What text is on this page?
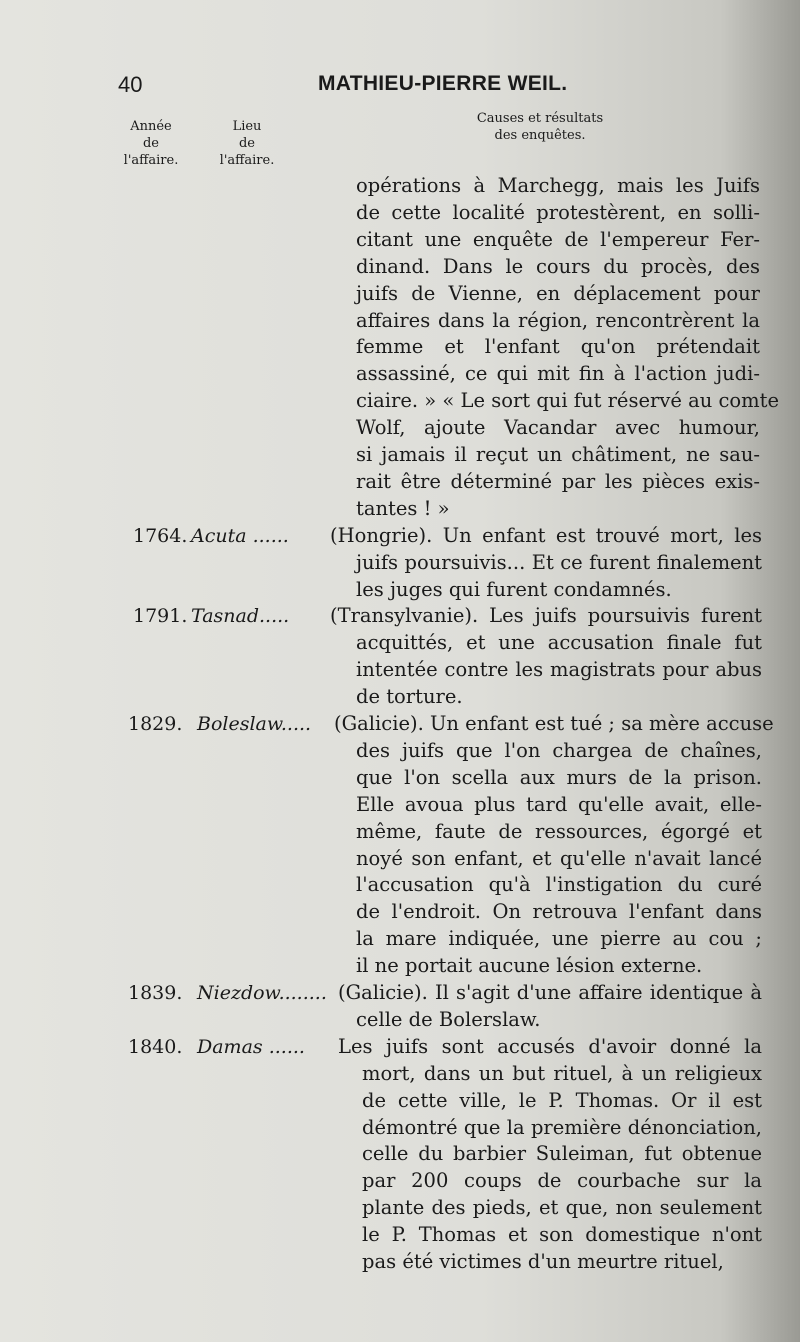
40	MATHIEU-PIERRE WEIL.
Année
de
l'affaire.
Lieu
de
l'affaire.
Causes et résultats
des enquêtes.
opérations à Marchegg, mais les Juifs
de cette localité protestèrent, en solli-
citant une enquête de l'empereur Fer-
dinand. Dans le cours du procès, des
juifs de Vienne, en déplacement pour
affaires dans la région, rencontrèrent la
femme et l'enfant qu'on prétendait
assassiné, ce qui mit fin à l'action judi-
ciaire. » « Le sort qui fut réservé au comte
Wolf, ajoute Vacandar avec humour,
si jamais il reçut un châtiment, ne sau-
rait être déterminé par les pièces exis-
tantes ! »
1764. Acuta ...... (Hongrie). Un enfant est trouvé mort, les
juifs poursuivis... Et ce furent finalement
les juges qui furent condamnés.
1791. Tasnad..... (Transylvanie). Les juifs poursuivis furent
acquittés, et une accusation finale fut
intentée contre les magistrats pour abus
de torture.
1829. Boleslaw..... (Galicie). Un enfant est tué ; sa mère accuse
des juifs que l'on chargea de chaînes,
que l'on scella aux murs de la prison.
Elle avoua plus tard qu'elle avait, elle-
même, faute de ressources, égorgé et
noyé son enfant, et qu'elle n'avait lancé
l'accusation qu'à l'instigation du curé
de l'endroit. On retrouva l'enfant dans
la mare indiquée, une pierre au cou ;
il ne portait aucune lésion externe.
1839. Niezdow........ (Galicie). Il s'agit d'une affaire identique à
celle de Bolerslaw.
1840. Damas ...... Les juifs sont accusés d'avoir donné la
mort, dans un but rituel, à un religieux
de cette ville, le P. Thomas. Or il est
démontré que la première dénonciation,
celle du barbier Suleiman, fut obtenue
par 200 coups de courbache sur la
plante des pieds, et que, non seulement
le P. Thomas et son domestique n'ont
pas été victimes d'un meurtre rituel,
